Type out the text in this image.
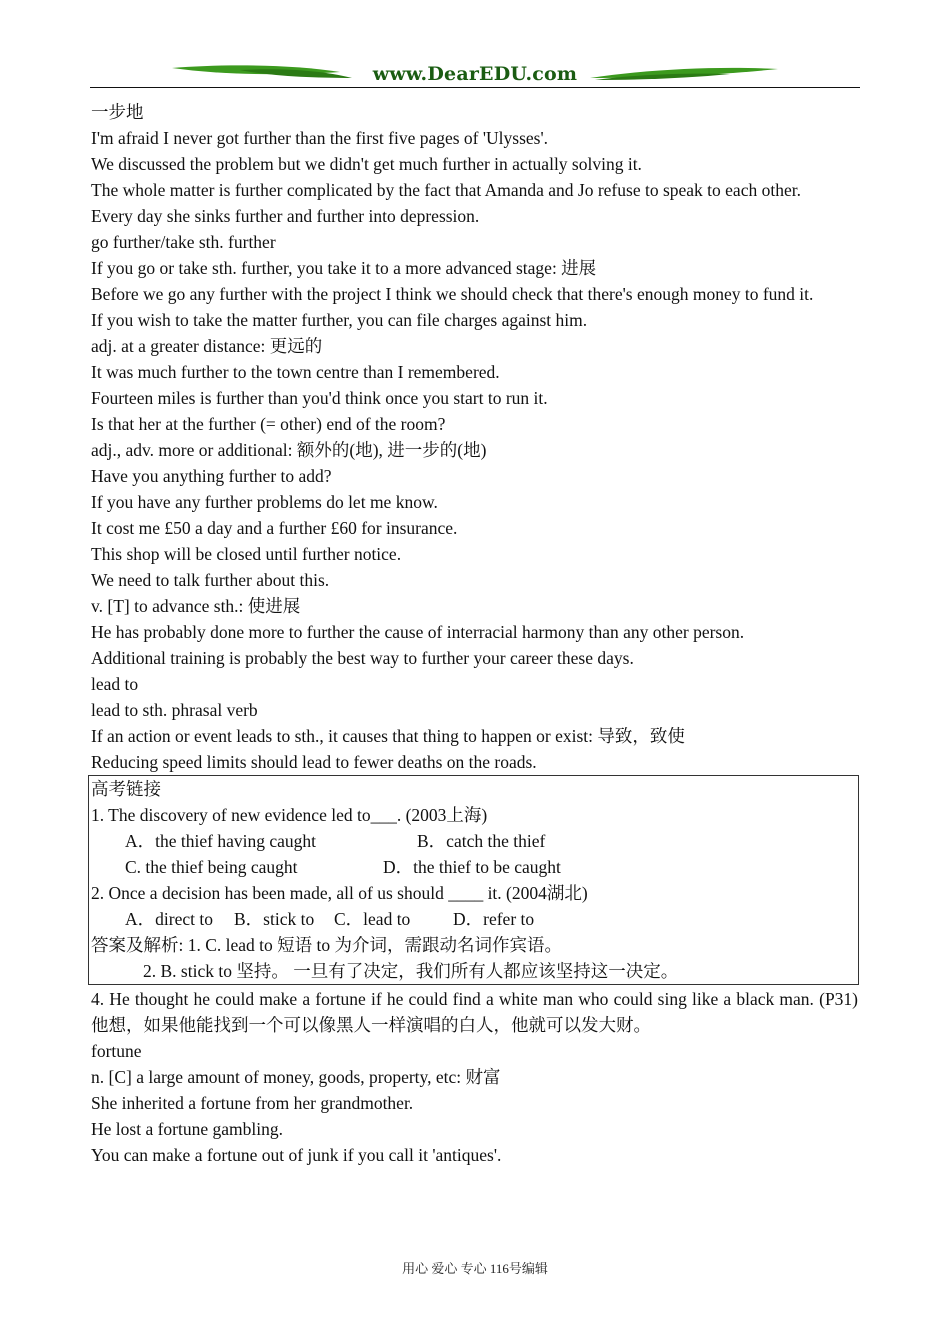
www.DearEDU.com
一步地
I'm afraid I never got further than the first five pages of 'Ulysses'.
We discussed the problem but we didn't get much further in actually solving it.
The whole matter is further complicated by the fact that Amanda and Jo refuse to speak to each other.
Every day she sinks further and further into depression.
go further/take sth. further
If you go or take sth. further, you take it to a more advanced stage: 进展
Before we go any further with the project I think we should check that there's enough money to fund it.
If you wish to take the matter further, you can file charges against him.
adj. at a greater distance: 更远的
It was much further to the town centre than I remembered.
Fourteen miles is further than you'd think once you start to run it.
Is that her at the further (= other) end of the room?
adj., adv. more or additional: 额外的(地), 进一步的(地)
Have you anything further to add?
If you have any further problems do let me know.
It cost me £50 a day and a further £60 for insurance.
This shop will be closed until further notice.
We need to talk further about this.
v. [T] to advance sth.: 使进展
He has probably done more to further the cause of interracial harmony than any other person.
Additional training is probably the best way to further your career these days.
lead to
lead to sth. phrasal verb
If an action or event leads to sth., it causes that thing to happen or exist: 导致，致使
Reducing speed limits should lead to fewer deaths on the roads.
高考链接
1. The discovery of new evidence led to___. (2003上海)
A．the thief having caught	B．catch the thief
C. the thief being caught	D．the thief to be caught
2. Once a decision has been made, all of us should ____ it. (2004湖北)
A．direct to B．stick to C．lead to D．refer to
答案及解析: 1. C. lead to 短语 to 为介词，需跟动名词作宾语。
2. B. stick to 坚持。 一旦有了决定，我们所有人都应该坚持这一决定。
4. He thought he could make a fortune if he could find a white man who could sing like a black man. (P31) 他想，如果他能找到一个可以像黑人一样演唱的白人，他就可以发大财。
fortune
n. [C] a large amount of money, goods, property, etc: 财富
She inherited a fortune from her grandmother.
He lost a fortune gambling.
You can make a fortune out of junk if you call it 'antiques'.
用心 爱心 专心 116号编辑
